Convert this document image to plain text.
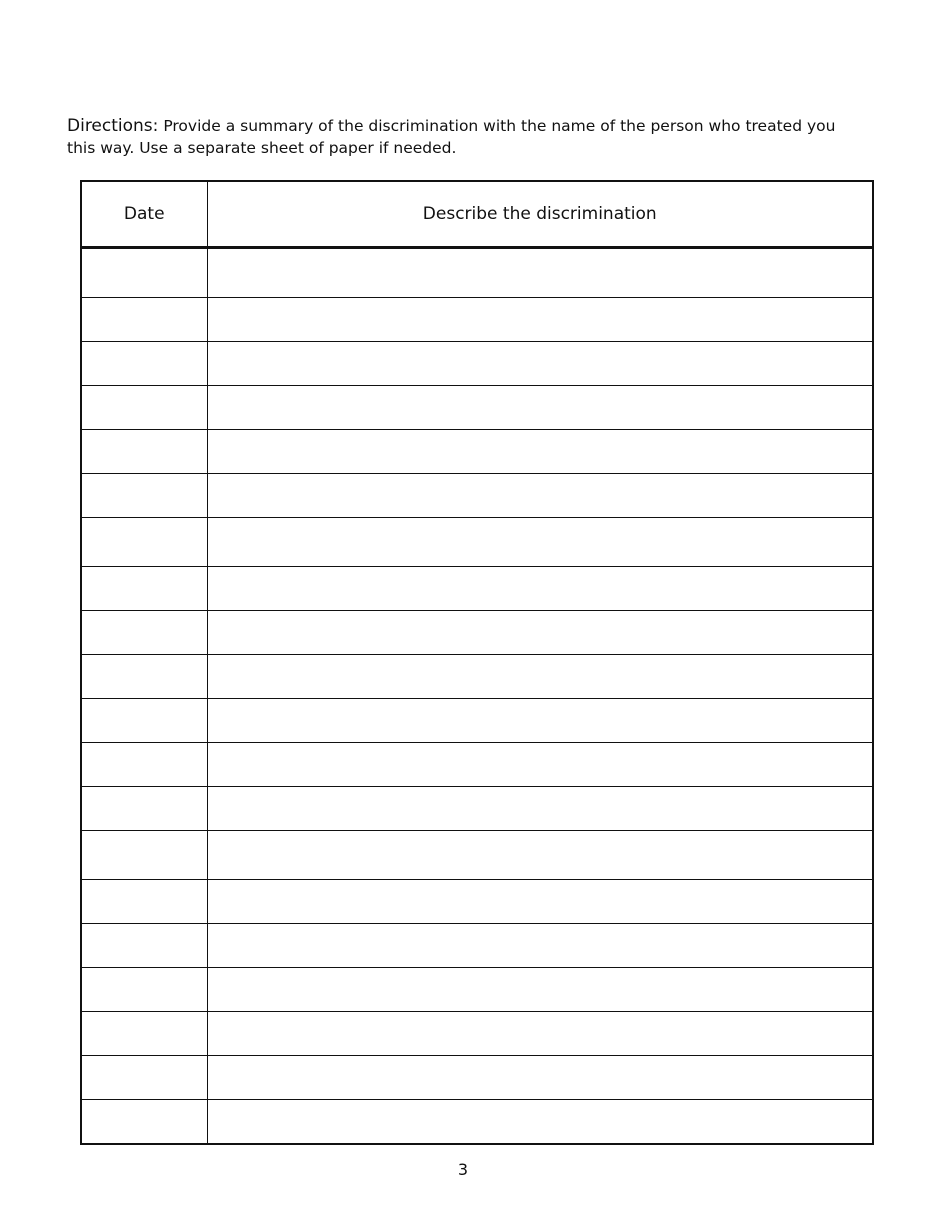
Directions: Provide a summary of the discrimination with the name of the person who treated you this way. Use a separate sheet of paper if needed.

Date	Describe the discrimination

3
